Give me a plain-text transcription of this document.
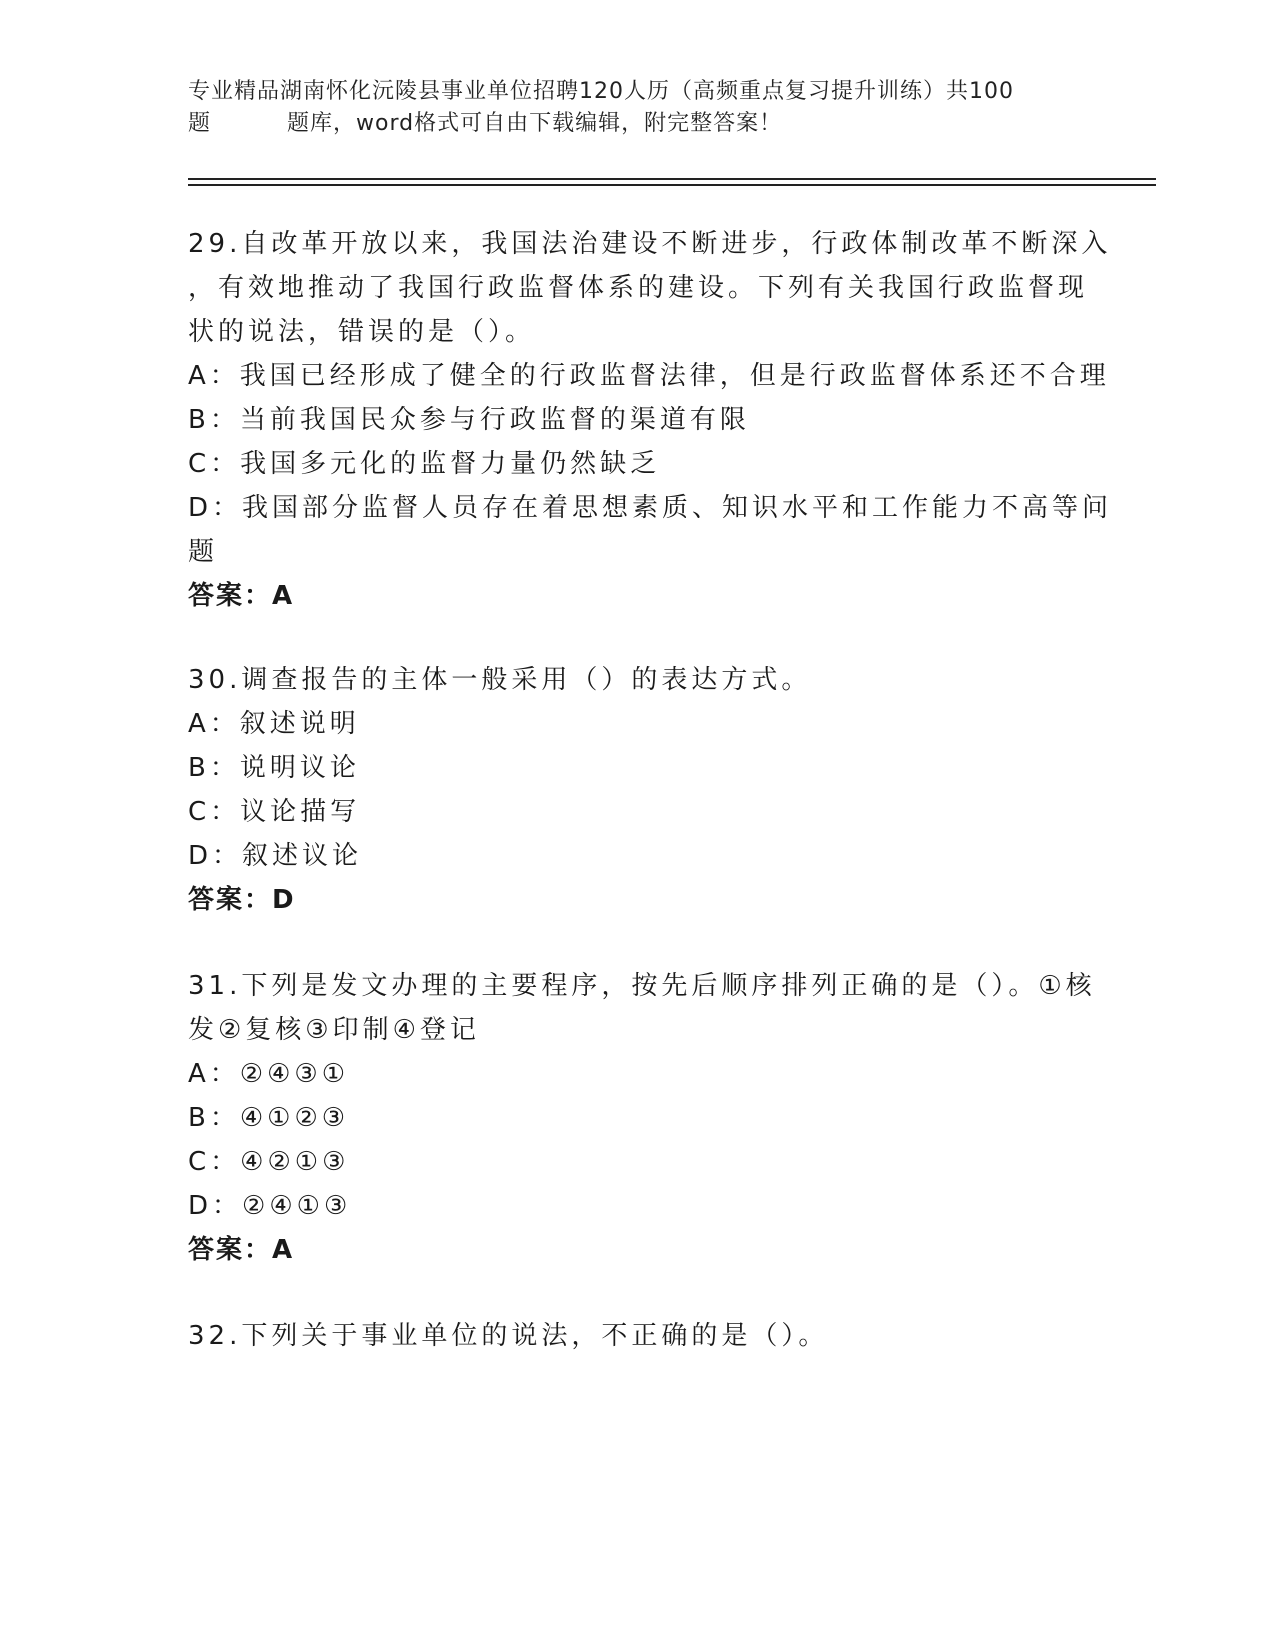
专业精品湖南怀化沅陵县事业单位招聘120人历（高频重点复习提升训练）共100
题	题库，word格式可自由下载编辑，附完整答案！
29.自改革开放以来，我国法治建设不断进步，行政体制改革不断深入
，有效地推动了我国行政监督体系的建设。下列有关我国行政监督现
状的说法，错误的是（）。
A：我国已经形成了健全的行政监督法律，但是行政监督体系还不合理
B：当前我国民众参与行政监督的渠道有限
C：我国多元化的监督力量仍然缺乏
D：我国部分监督人员存在着思想素质、知识水平和工作能力不高等问
题
答案：A
30.调查报告的主体一般采用（）的表达方式。
A：叙述说明
B：说明议论
C：议论描写
D：叙述议论
答案：D
31.下列是发文办理的主要程序，按先后顺序排列正确的是（）。①核
发②复核③印制④登记
A：②④③①
B：④①②③
C：④②①③
D：②④①③
答案：A
32.下列关于事业单位的说法，不正确的是（）。
